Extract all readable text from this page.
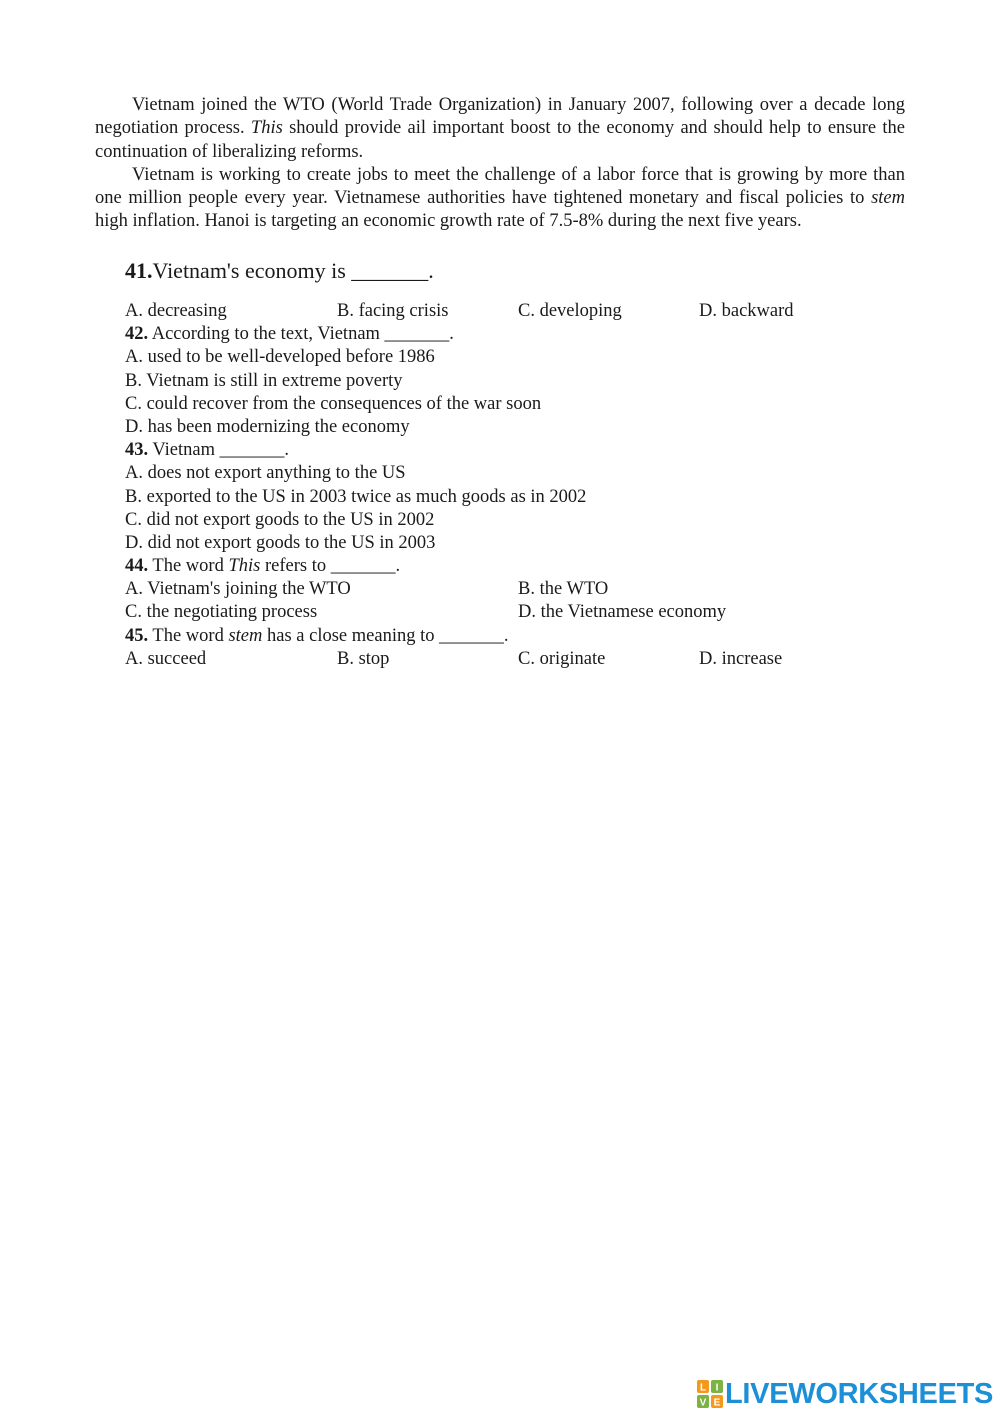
Vietnam joined the WTO (World Trade Organization) in January 2007, following over a decade long negotiation process. This should provide ail important boost to the economy and should help to ensure the continuation of liberalizing reforms.

Vietnam is working to create jobs to meet the challenge of a labor force that is growing by more than one million people every year. Vietnamese authorities have tightened monetary and fiscal policies to stem high inflation. Hanoi is targeting an economic growth rate of 7.5-8% during the next five years.

41.Vietnam's economy is _______.
A. decreasing	B. facing crisis	C. developing	D. backward
42. According to the text, Vietnam _______.
A. used to be well-developed before 1986
B. Vietnam is still in extreme poverty
C. could recover from the consequences of the war soon
D. has been modernizing the economy
43. Vietnam _______.
A. does not export anything to the US
B. exported to the US in 2003 twice as much goods as in 2002
C. did not export goods to the US in 2002
D. did not export goods to the US in 2003
44. The word This refers to _______.
A. Vietnam's joining the WTO	B. the WTO
C. the negotiating process	D. the Vietnamese economy
45. The word stem has a close meaning to _______.
A. succeed	B. stop	C. originate	D. increase
L I
V E LIVEWORKSHEETS
